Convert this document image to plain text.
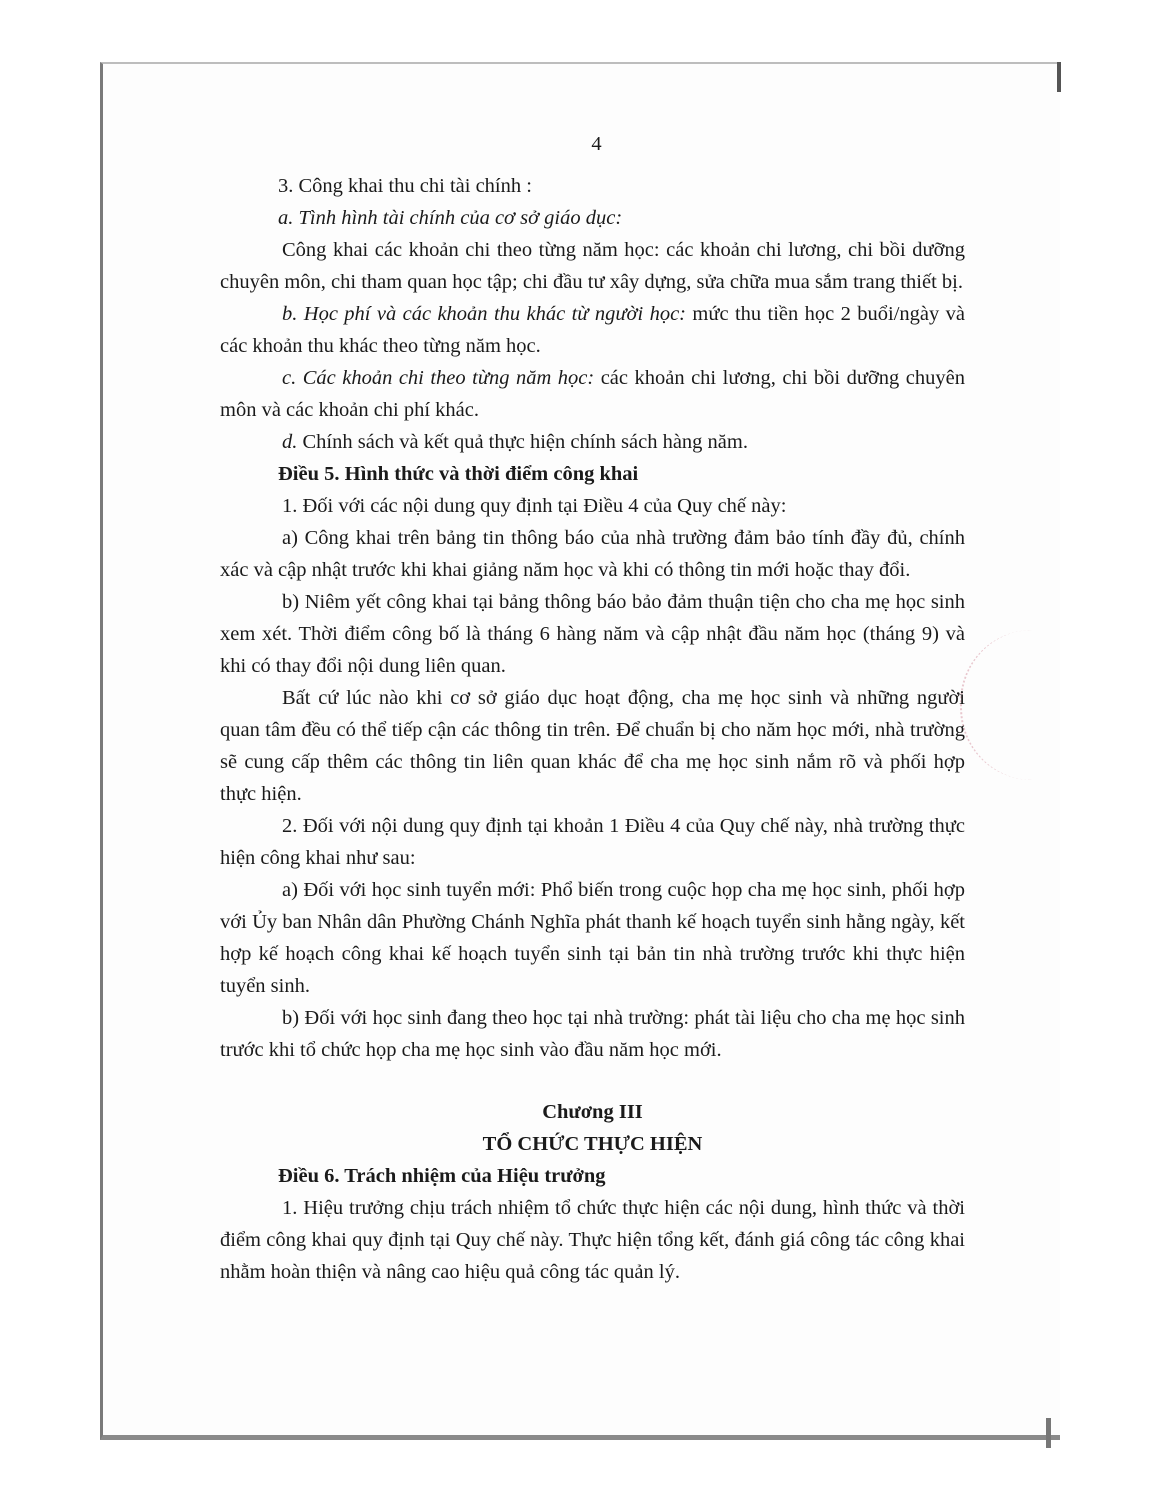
4

3. Công khai thu chi tài chính :

a. Tình hình tài chính của cơ sở giáo dục:

Công khai các khoản chi theo từng năm học: các khoản chi lương, chi bồi dưỡng chuyên môn, chi tham quan học tập; chi đầu tư xây dựng, sửa chữa mua sắm trang thiết bị.

b. Học phí và các khoản thu khác từ người học: mức thu tiền học 2 buổi/ngày và các khoản thu khác theo từng năm học.

c. Các khoản chi theo từng năm học: các khoản chi lương, chi bồi dưỡng chuyên môn và các khoản chi phí khác.

d. Chính sách và kết quả thực hiện chính sách hàng năm.

Điều 5. Hình thức và thời điểm công khai

1. Đối với các nội dung quy định tại Điều 4 của Quy chế này:

a) Công khai trên bảng tin thông báo của nhà trường đảm bảo tính đầy đủ, chính xác và cập nhật trước khi khai giảng năm học và khi có thông tin mới hoặc thay đổi.

b) Niêm yết công khai tại bảng thông báo bảo đảm thuận tiện cho cha mẹ học sinh xem xét. Thời điểm công bố là tháng 6 hàng năm và cập nhật đầu năm học (tháng 9) và khi có thay đổi nội dung liên quan.

Bất cứ lúc nào khi cơ sở giáo dục hoạt động, cha mẹ học sinh và những người quan tâm đều có thể tiếp cận các thông tin trên. Để chuẩn bị cho năm học mới, nhà trường sẽ cung cấp thêm các thông tin liên quan khác để cha mẹ học sinh nắm rõ và phối hợp thực hiện.

2. Đối với nội dung quy định tại khoản 1 Điều 4 của Quy chế này, nhà trường thực hiện công khai như sau:

a) Đối với học sinh tuyển mới: Phổ biến trong cuộc họp cha mẹ học sinh, phối hợp với Ủy ban Nhân dân Phường Chánh Nghĩa phát thanh kế hoạch tuyển sinh hằng ngày, kết hợp kế hoạch công khai kế hoạch tuyển sinh tại bản tin nhà trường trước khi thực hiện tuyển sinh.

b) Đối với học sinh đang theo học tại nhà trường: phát tài liệu cho cha mẹ học sinh trước khi tổ chức họp cha mẹ học sinh vào đầu năm học mới.

Chương III

TỔ CHỨC THỰC HIỆN

Điều 6. Trách nhiệm của Hiệu trưởng

1. Hiệu trưởng chịu trách nhiệm tổ chức thực hiện các nội dung, hình thức và thời điểm công khai quy định tại Quy chế này. Thực hiện tổng kết, đánh giá công tác công khai nhằm hoàn thiện và nâng cao hiệu quả công tác quản lý.
